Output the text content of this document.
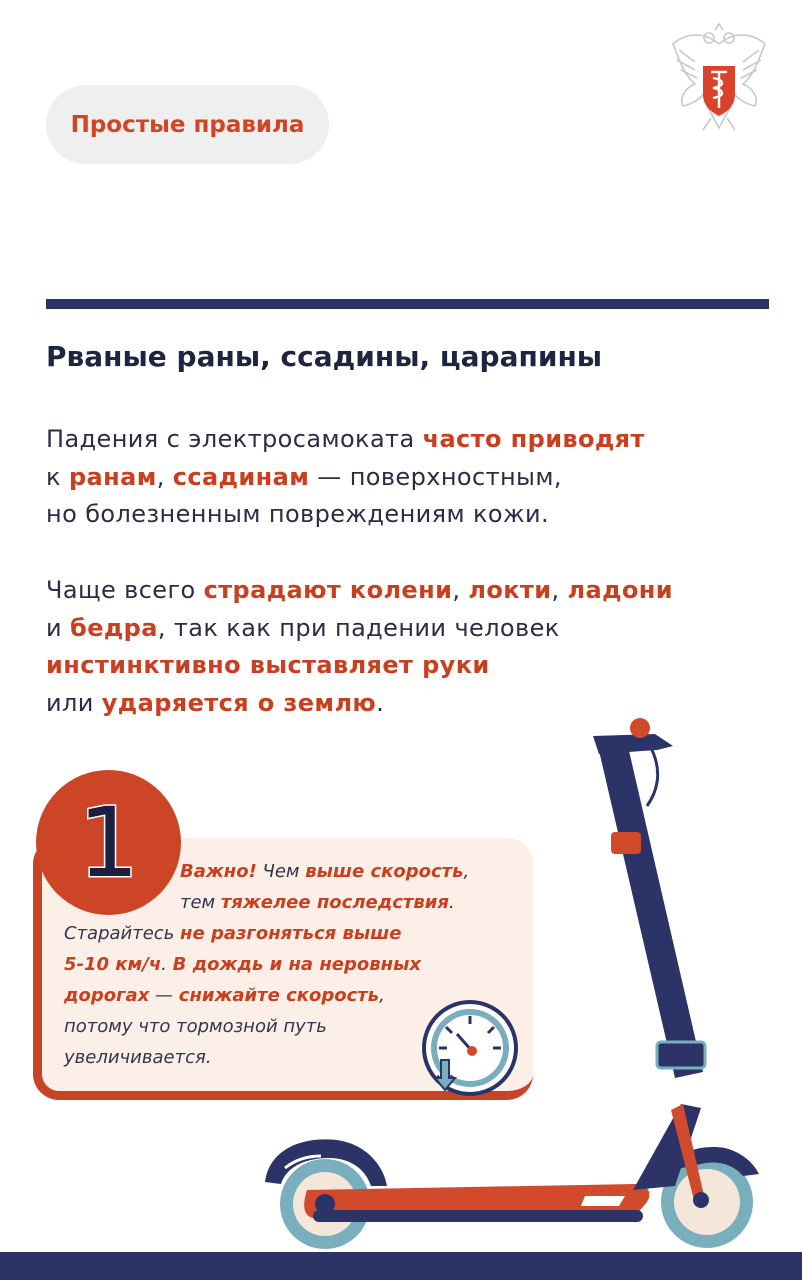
Простые правила
Рваные раны, ссадины, царапины
Падения с электросамоката часто приводят
к ранам, ссадинам — поверхностным,
но болезненным повреждениям кожи.
Чаще всего страдают колени, локти, ладони
и бедра, так как при падении человек
инстинктивно выставляет руки
или ударяется о землю.
1	Важно! Чем выше скорость,
тем тяжелее последствия.
Старайтесь не разгоняться выше
5-10 км/ч. В дождь и на неровных
дорогах — снижайте скорость,
потому что тормозной путь
увеличивается.
